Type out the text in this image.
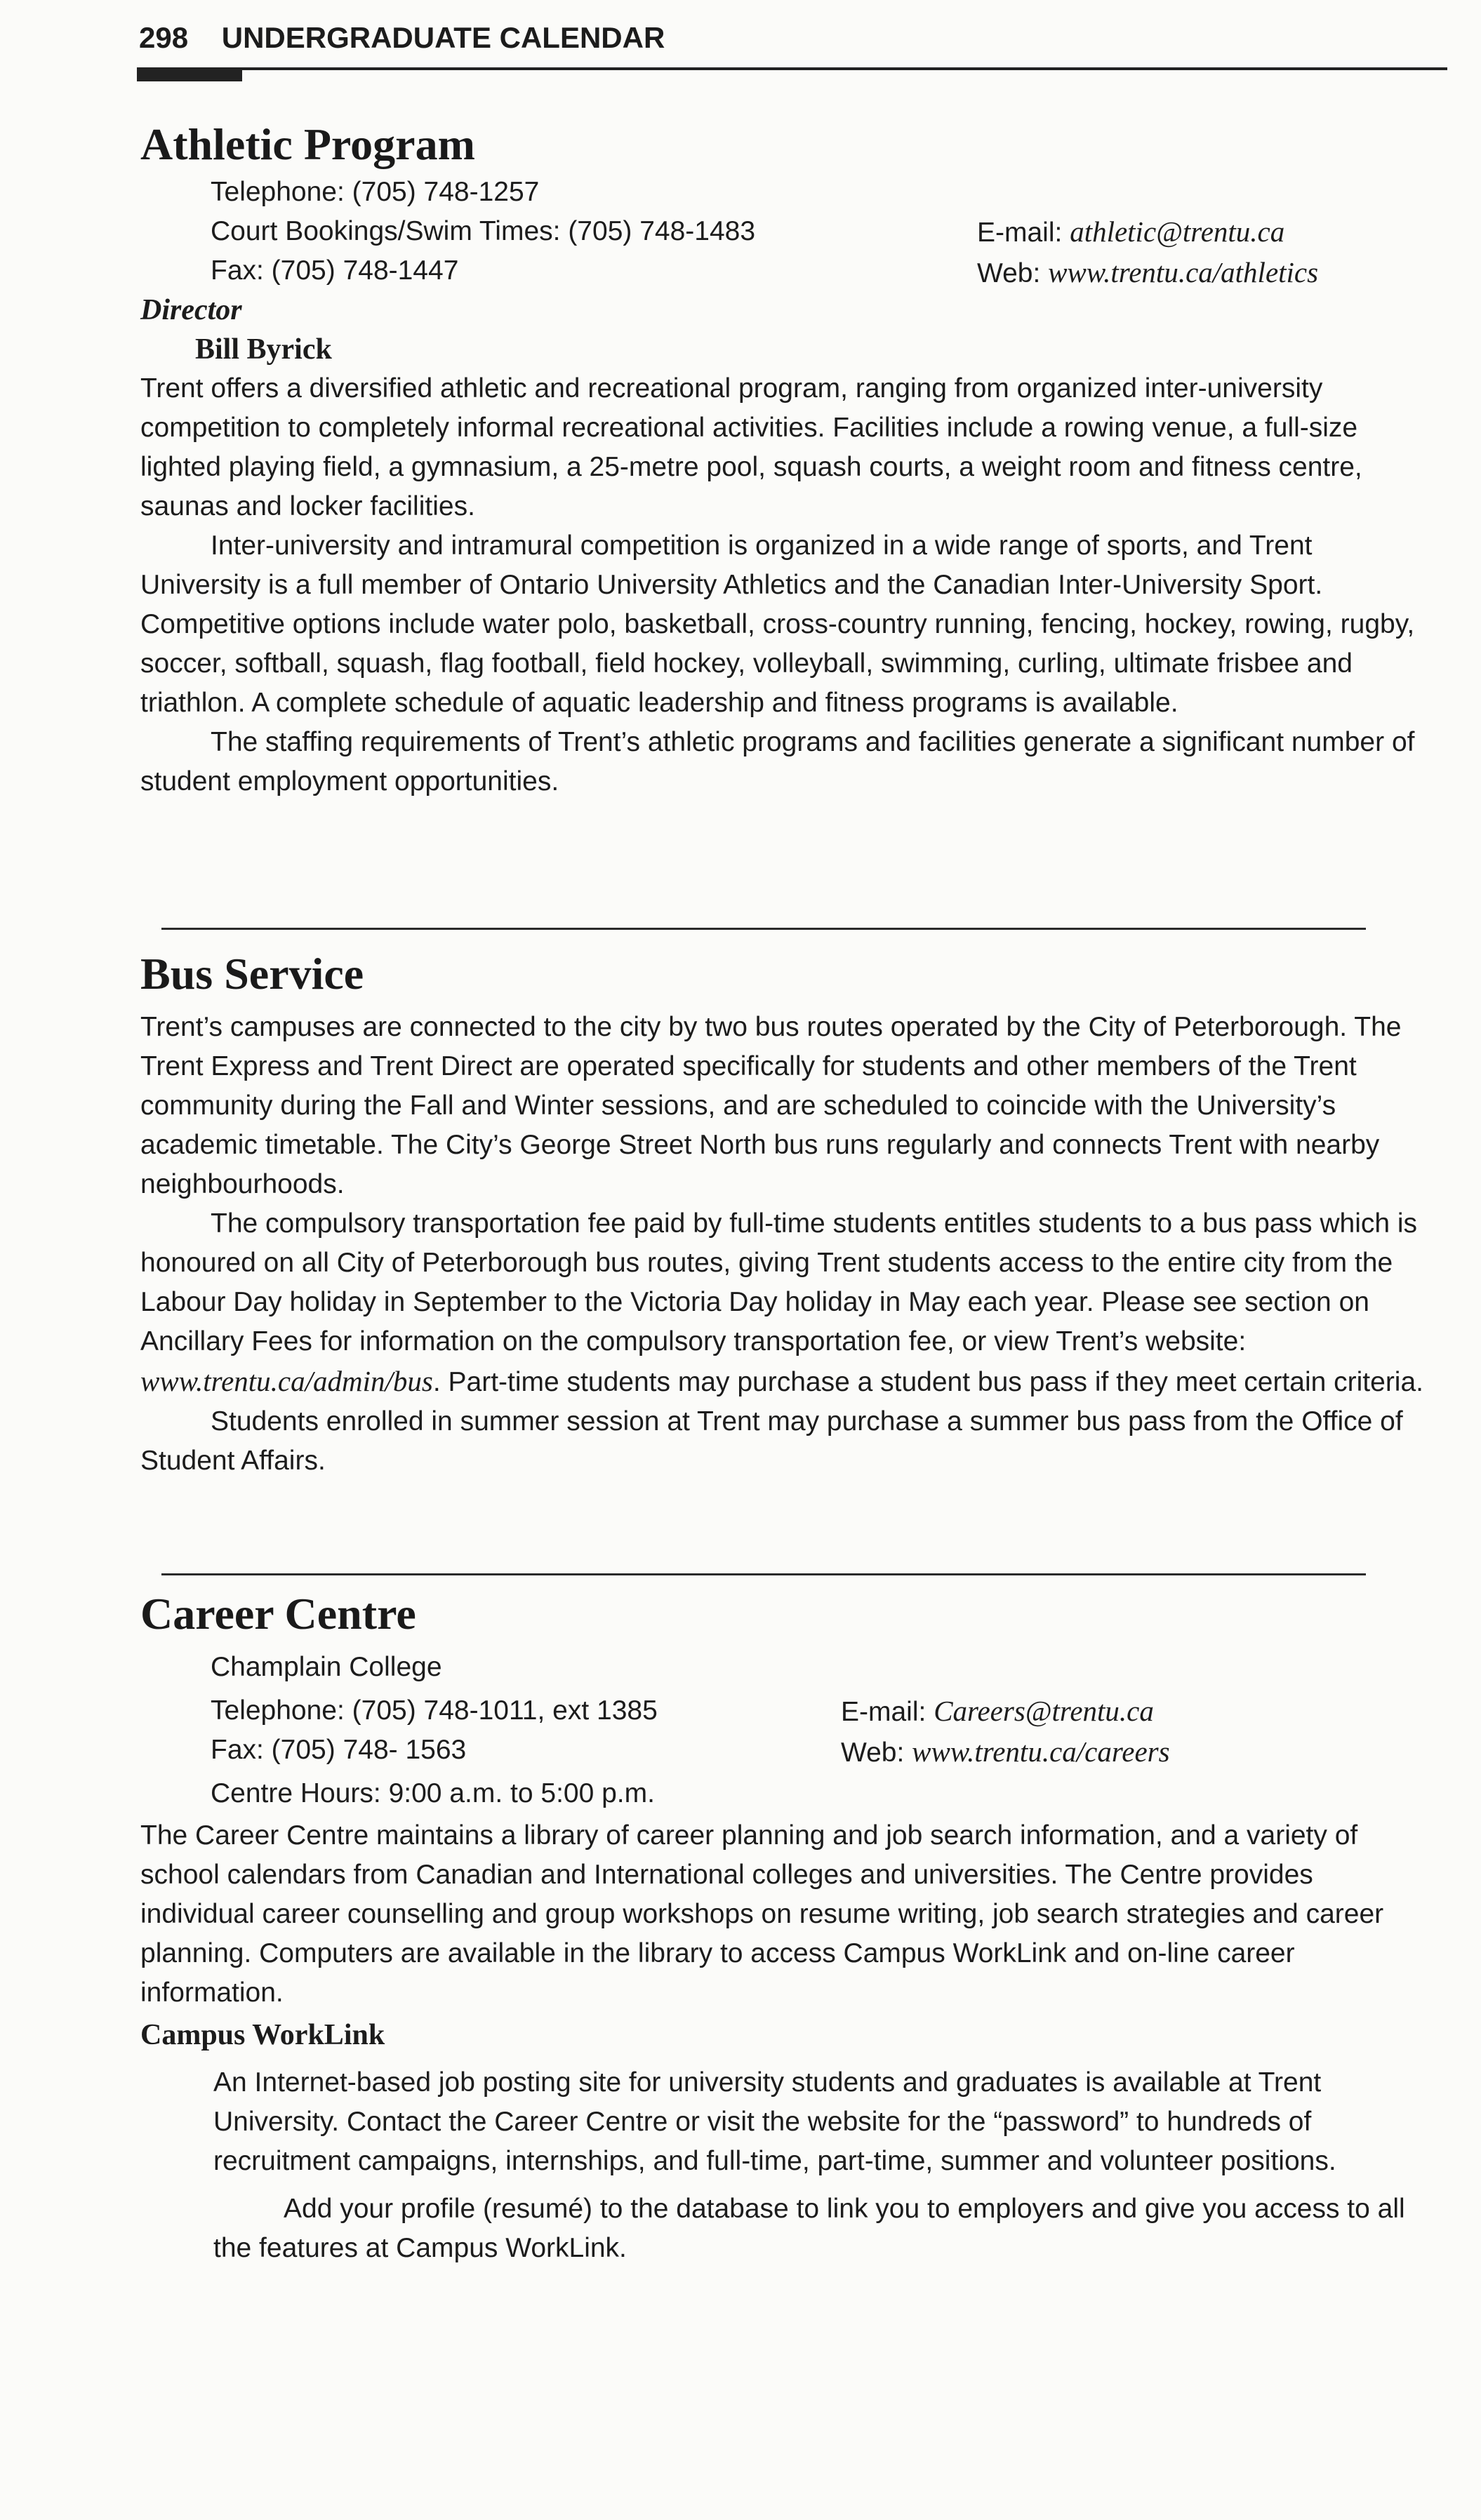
298 UNDERGRADUATE CALENDAR
Athletic Program
Telephone: (705) 748-1257
Court Bookings/Swim Times: (705) 748-1483
Fax: (705) 748-1447
E-mail: athletic@trentu.ca
Web: www.trentu.ca/athletics
Director
Bill Byrick

Trent offers a diversified athletic and recreational program, ranging from organized inter-university competition to completely informal recreational activities. Facilities include a rowing venue, a full-size lighted playing field, a gymnasium, a 25-metre pool, squash courts, a weight room and fitness centre, saunas and locker facilities.

Inter-university and intramural competition is organized in a wide range of sports, and Trent University is a full member of Ontario University Athletics and the Canadian Inter-University Sport. Competitive options include water polo, basketball, cross-country running, fencing, hockey, rowing, rugby, soccer, softball, squash, flag football, field hockey, volleyball, swimming, curling, ultimate frisbee and triathlon. A complete schedule of aquatic leadership and fitness programs is available.

The staffing requirements of Trent’s athletic programs and facilities generate a significant number of student employment opportunities.

Bus Service

Trent’s campuses are connected to the city by two bus routes operated by the City of Peterborough. The Trent Express and Trent Direct are operated specifically for students and other members of the Trent community during the Fall and Winter sessions, and are scheduled to coincide with the University’s academic timetable. The City’s George Street North bus runs regularly and connects Trent with nearby neighbourhoods.

The compulsory transportation fee paid by full-time students entitles students to a bus pass which is honoured on all City of Peterborough bus routes, giving Trent students access to the entire city from the Labour Day holiday in September to the Victoria Day holiday in May each year. Please see section on Ancillary Fees for information on the compulsory transportation fee, or view Trent’s website: www.trentu.ca/admin/bus. Part-time students may purchase a student bus pass if they meet certain criteria.

Students enrolled in summer session at Trent may purchase a summer bus pass from the Office of Student Affairs.

Career Centre
Champlain College
Telephone: (705) 748-1011, ext 1385
Fax: (705) 748- 1563
Centre Hours: 9:00 a.m. to 5:00 p.m.
E-mail: Careers@trentu.ca
Web: www.trentu.ca/careers

The Career Centre maintains a library of career planning and job search information, and a variety of school calendars from Canadian and International colleges and universities. The Centre provides individual career counselling and group workshops on resume writing, job search strategies and career planning. Computers are available in the library to access Campus WorkLink and on-line career information.

Campus WorkLink

An Internet-based job posting site for university students and graduates is available at Trent University. Contact the Career Centre or visit the website for the “password” to hundreds of recruitment campaigns, internships, and full-time, part-time, summer and volunteer positions.

Add your profile (resumé) to the database to link you to employers and give you access to all the features at Campus WorkLink.
